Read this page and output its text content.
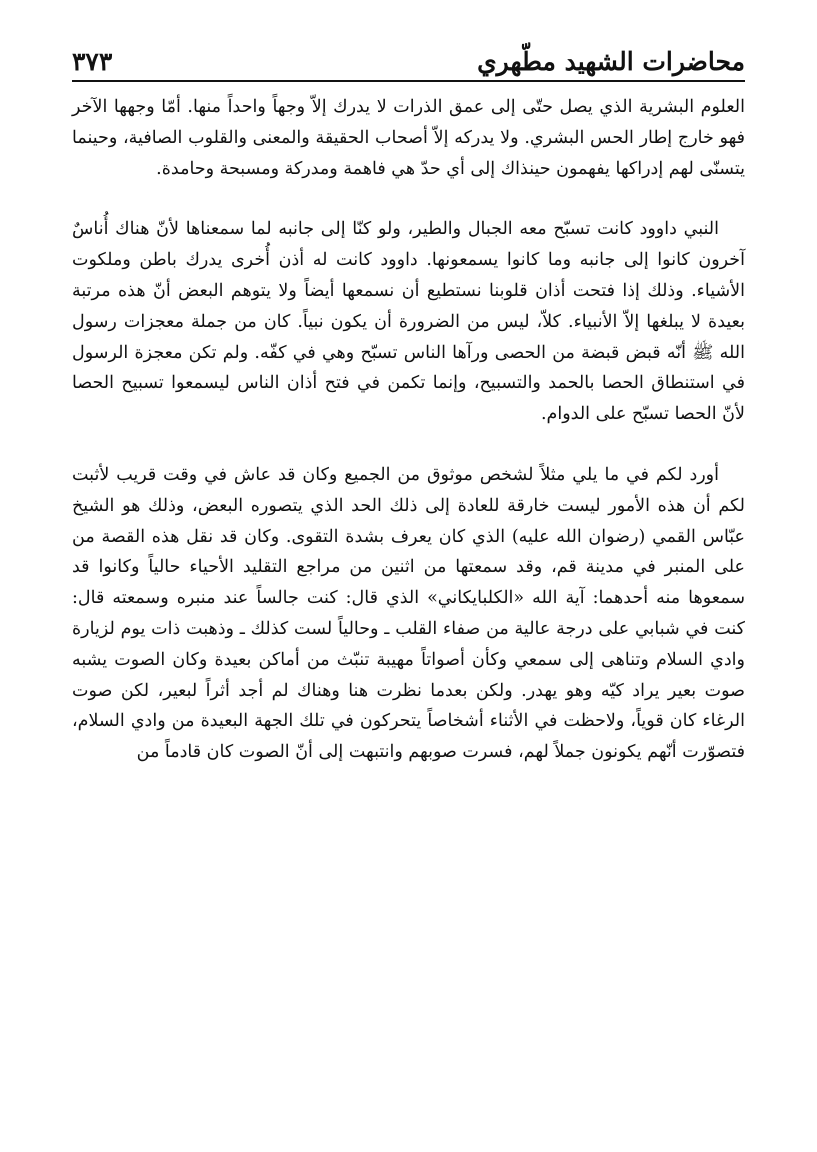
محاضرات الشهيد مطّهري
٣٧٣

العلوم البشرية الذي يصل حتّى إلى عمق الذرات لا يدرك إلاّ وجهاً واحداً منها. أمّا وجهها الآخر فهو خارج إطار الحس البشري. ولا يدركه إلاّ أصحاب الحقيقة والمعنى والقلوب الصافية، وحينما يتسنّى لهم إدراكها يفهمون حينذاك إلى أي حدّ هي فاهمة ومدركة ومسبحة وحامدة.

النبي داوود كانت تسبّح معه الجبال والطير، ولو كنّا إلى جانبه لما سمعناها لأنّ هناك أُناسٌ آخرون كانوا إلى جانبه وما كانوا يسمعونها. داوود كانت له أذن أُخرى يدرك باطن وملكوت الأشياء. وذلك إذا فتحت أذان قلوبنا نستطيع أن نسمعها أيضاً ولا يتوهم البعض أنّ هذه مرتبة بعيدة لا يبلغها إلاّ الأنبياء. كلاّ، ليس من الضرورة أن يكون نبياً. كان من جملة معجزات رسول الله ﷺ أنّه قبض قبضة من الحصى ورآها الناس تسبّح وهي في كفّه. ولم تكن معجزة الرسول في استنطاق الحصا بالحمد والتسبيح، وإنما تكمن في فتح أذان الناس ليسمعوا تسبيح الحصا لأنّ الحصا تسبّح على الدوام.

أورد لكم في ما يلي مثلاً لشخص موثوق من الجميع وكان قد عاش في وقت قريب لأثبت لكم أن هذه الأمور ليست خارقة للعادة إلى ذلك الحد الذي يتصوره البعض، وذلك هو الشيخ عبّاس القمي (رضوان الله عليه) الذي كان يعرف بشدة التقوى. وكان قد نقل هذه القصة من على المنبر في مدينة قم، وقد سمعتها من اثنين من مراجع التقليد الأحياء حالياً وكانوا قد سمعوها منه أحدهما: آية الله «الكلبايكاني» الذي قال: كنت جالساً عند منبره وسمعته قال: كنت في شبابي على درجة عالية من صفاء القلب ـ وحالياً لست كذلك ـ وذهبت ذات يوم لزيارة وادي السلام وتناهى إلى سمعي وكأن أصواتاً مهيبة تنبّث من أماكن بعيدة وكان الصوت يشبه صوت بعير يراد كيّه وهو يهدر. ولكن بعدما نظرت هنا وهناك لم أجد أثراً لبعير، لكن صوت الرغاء كان قوياً، ولاحظت في الأثناء أشخاصاً يتحركون في تلك الجهة البعيدة من وادي السلام، فتصوّرت أنّهم يكونون جملاً لهم، فسرت صوبهم وانتبهت إلى أنّ الصوت كان قادماً من
